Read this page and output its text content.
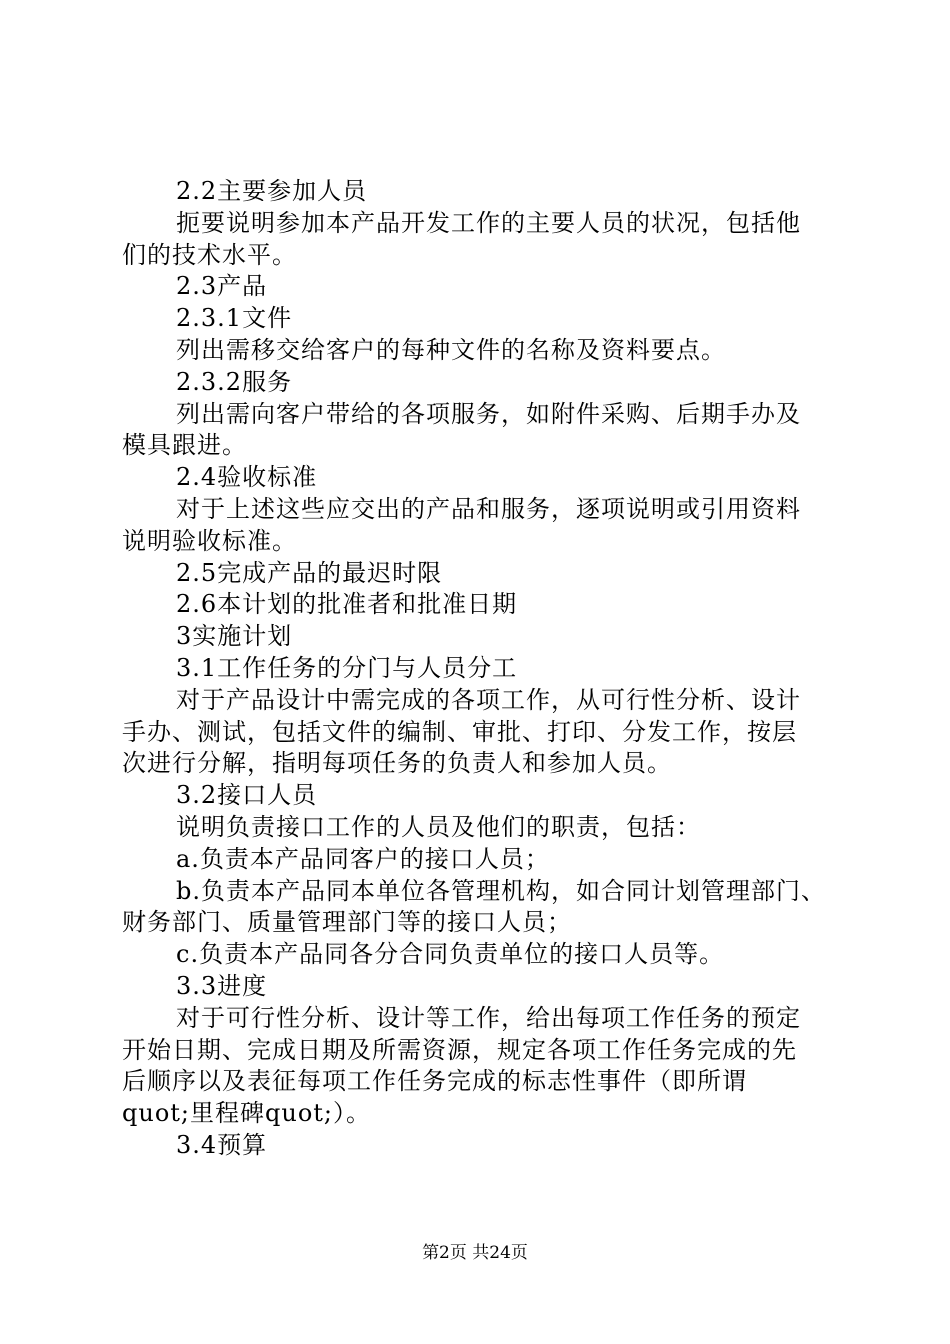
2.2主要参加人员
扼要说明参加本产品开发工作的主要人员的状况，包括他
们的技术水平。
2.3产品
2.3.1文件
列出需移交给客户的每种文件的名称及资料要点。
2.3.2服务
列出需向客户带给的各项服务，如附件采购、后期手办及
模具跟进。
2.4验收标准
对于上述这些应交出的产品和服务，逐项说明或引用资料
说明验收标准。
2.5完成产品的最迟时限
2.6本计划的批准者和批准日期
3实施计划
3.1工作任务的分门与人员分工
对于产品设计中需完成的各项工作，从可行性分析、设计
手办、测试，包括文件的编制、审批、打印、分发工作，按层
次进行分解，指明每项任务的负责人和参加人员。
3.2接口人员
说明负责接口工作的人员及他们的职责，包括：
a.负责本产品同客户的接口人员；
b.负责本产品同本单位各管理机构，如合同计划管理部门、
财务部门、质量管理部门等的接口人员；
c.负责本产品同各分合同负责单位的接口人员等。
3.3进度
对于可行性分析、设计等工作，给出每项工作任务的预定
开始日期、完成日期及所需资源，规定各项工作任务完成的先
后顺序以及表征每项工作任务完成的标志性事件（即所谓
quot;里程碑quot;）。
3.4预算
第2页 共24页
